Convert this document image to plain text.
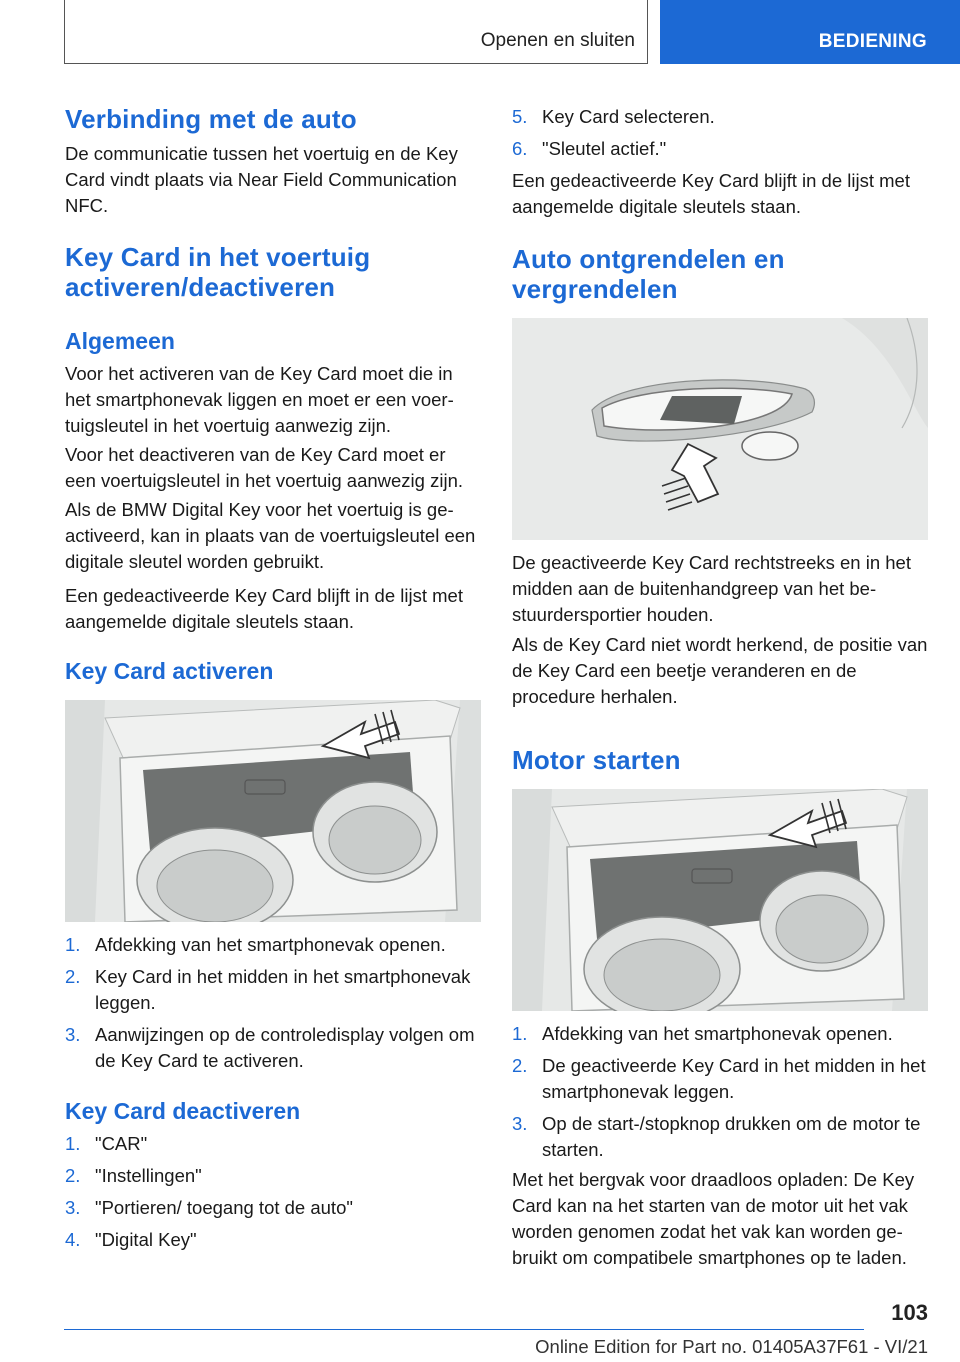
Openen en sluiten	BEDIENING
Verbinding met de auto

De communicatie tussen het voertuig en de Key Card vindt plaats via Near Field Communication NFC.

Key Card in het voertuig activeren/deactiveren
Algemeen

Voor het activeren van de Key Card moet die in het smartphonevak liggen en moet er een voertuigsleutel in het voertuig aanwezig zijn.

Voor het deactiveren van de Key Card moet er een voertuigsleutel in het voertuig aanwezig zijn.

Als de BMW Digital Key voor het voertuig is geactiveerd, kan in plaats van de voertuigsleutel een digitale sleutel worden gebruikt.

Een gedeactiveerde Key Card blijft in de lijst met aangemelde digitale sleutels staan.

Key Card activeren
1. Afdekking van het smartphonevak openen.
2. Key Card in het midden in het smartphonevak leggen.
3. Aanwijzingen op de controledisplay volgen om de Key Card te activeren.
Key Card deactiveren
1. "CAR"
2. "Instellingen"
3. "Portieren/ toegang tot de auto"
4. "Digital Key"
5. Key Card selecteren.
6. "Sleutel actief."

Een gedeactiveerde Key Card blijft in de lijst met aangemelde digitale sleutels staan.

Auto ontgrendelen en vergrendelen

De geactiveerde Key Card rechtstreeks en in het midden aan de buitenhandgreep van het bestuurdersportier houden.

Als de Key Card niet wordt herkend, de positie van de Key Card een beetje veranderen en de procedure herhalen.

Motor starten
1. Afdekking van het smartphonevak openen.
2. De geactiveerde Key Card in het midden in het smartphonevak leggen.
3. Op de start-/stopknop drukken om de motor te starten.

Met het bergvak voor draadloos opladen: De Key Card kan na het starten van de motor uit het vak worden genomen zodat het vak kan worden gebruikt om compatibele smartphones op te laden.

103
Online Edition for Part no. 01405A37F61 - VI/21
